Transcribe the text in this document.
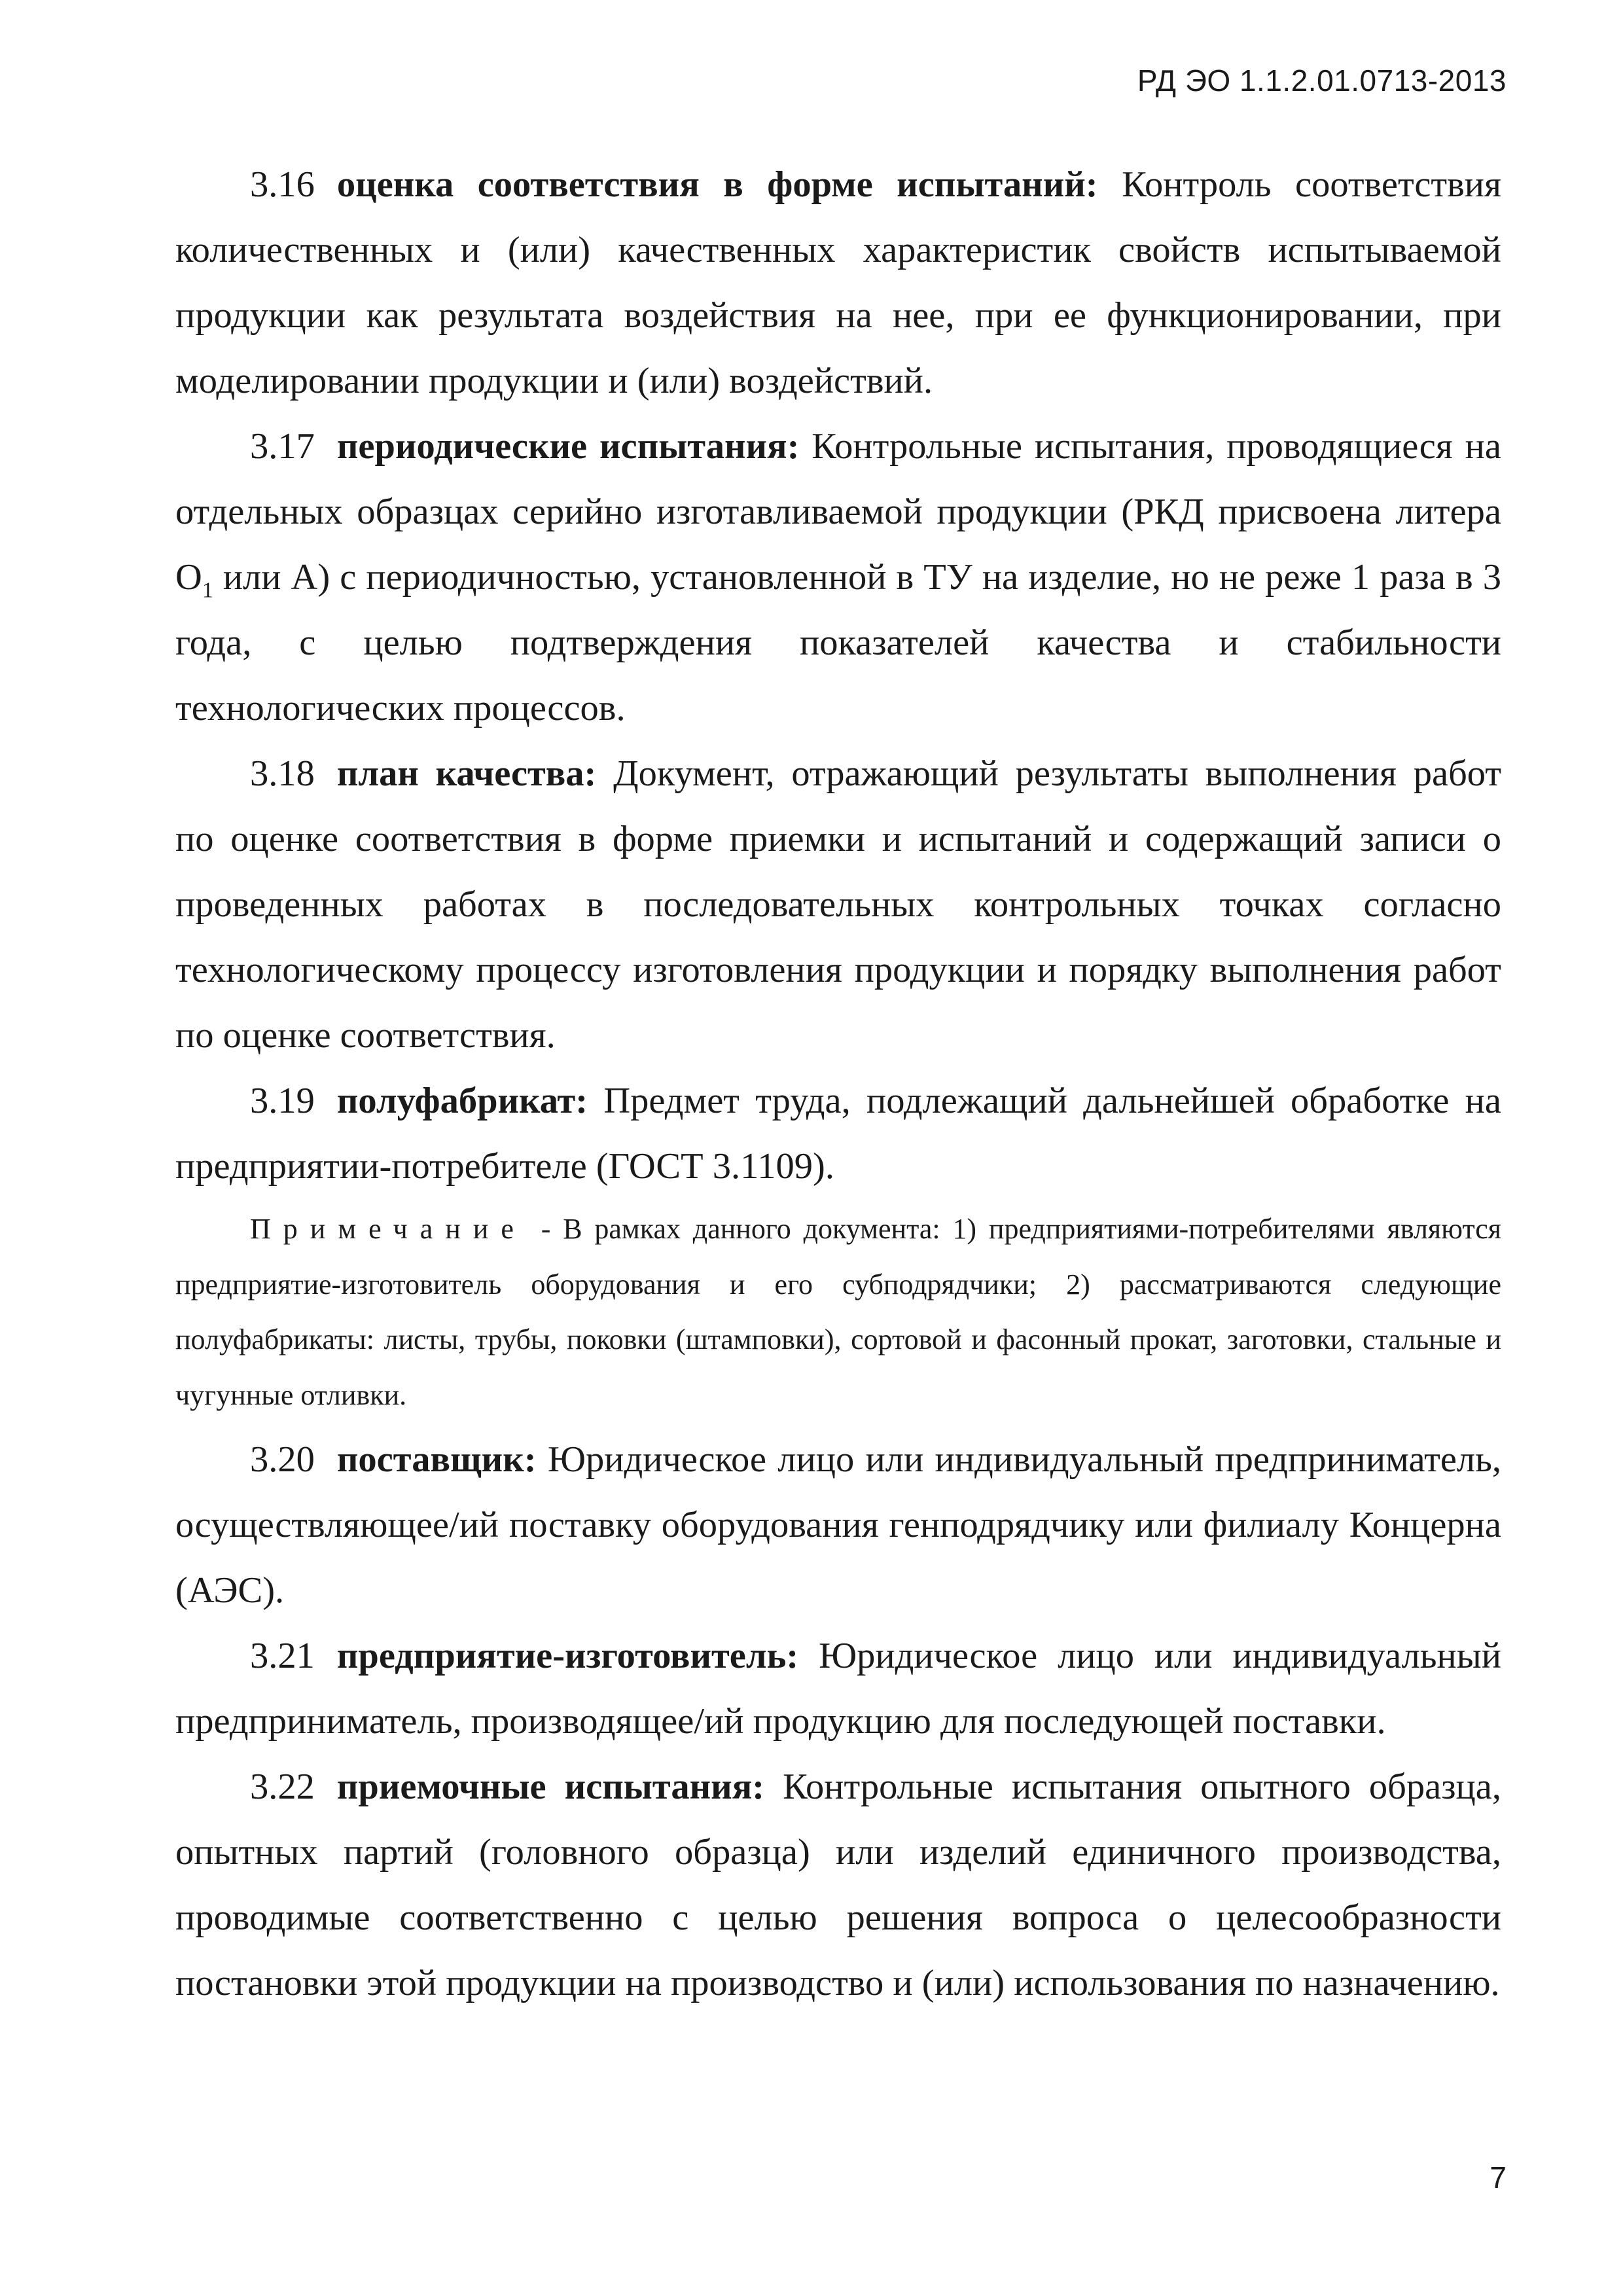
РД ЭО 1.1.2.01.0713-2013

3.16 оценка соответствия в форме испытаний: Контроль соответствия количественных и (или) качественных характеристик свойств испытываемой продукции как результата воздействия на нее, при ее функционировании, при моделировании продукции и (или) воздействий.

3.17 периодические испытания: Контрольные испытания, проводящиеся на отдельных образцах серийно изготавливаемой продукции (РКД присвоена литера $О_1$ или А) с периодичностью, установленной в ТУ на изделие, но не реже 1 раза в 3 года, с целью подтверждения показателей качества и стабильности технологических процессов.

3.18 план качества: Документ, отражающий результаты выполнения работ по оценке соответствия в форме приемки и испытаний и содержащий записи о проведенных работах в последовательных контрольных точках согласно технологическому процессу изготовления продукции и порядку выполнения работ по оценке соответствия.

3.19 полуфабрикат: Предмет труда, подлежащий дальнейшей обработке на предприятии-потребителе (ГОСТ 3.1109).

Примечание - В рамках данного документа: 1) предприятиями-потребителями являются предприятие-изготовитель оборудования и его субподрядчики; 2) рассматриваются следующие полуфабрикаты: листы, трубы, поковки (штамповки), сортовой и фасонный прокат, заготовки, стальные и чугунные отливки.

3.20 поставщик: Юридическое лицо или индивидуальный предприниматель, осуществляющее/ий поставку оборудования генподрядчику или филиалу Концерна (АЭС).

3.21 предприятие-изготовитель: Юридическое лицо или индивидуальный предприниматель, производящее/ий продукцию для последующей поставки.

3.22 приемочные испытания: Контрольные испытания опытного образца, опытных партий (головного образца) или изделий единичного производства, проводимые соответственно с целью решения вопроса о целесообразности постановки этой продукции на производство и (или) использования по назначению.

7
